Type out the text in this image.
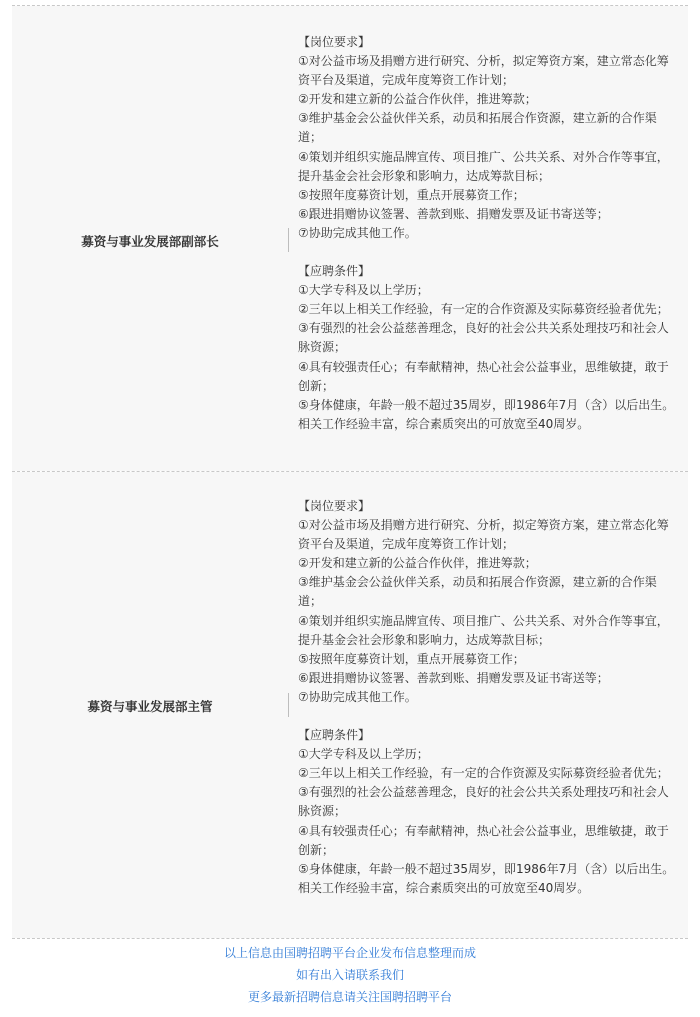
募资与事业发展部副部长

【岗位要求】

①对公益市场及捐赠方进行研究、分析，拟定筹资方案，建立常态化筹资平台及渠道，完成年度筹资工作计划；

②开发和建立新的公益合作伙伴，推进筹款；

③维护基金会公益伙伴关系，动员和拓展合作资源，建立新的合作渠道；

④策划并组织实施品牌宣传、项目推广、公共关系、对外合作等事宜，提升基金会社会形象和影响力，达成筹款目标；

⑤按照年度募资计划，重点开展募资工作；

⑥跟进捐赠协议签署、善款到账、捐赠发票及证书寄送等；

⑦协助完成其他工作。

【应聘条件】

①大学专科及以上学历；

②三年以上相关工作经验，有一定的合作资源及实际募资经验者优先；

③有强烈的社会公益慈善理念，良好的社会公共关系处理技巧和社会人脉资源；

④具有较强责任心；有奉献精神，热心社会公益事业，思维敏捷，敢于创新；

⑤身体健康，年龄一般不超过35周岁，即1986年7月（含）以后出生。相关工作经验丰富，综合素质突出的可放宽至40周岁。

募资与事业发展部主管

【岗位要求】

①对公益市场及捐赠方进行研究、分析，拟定筹资方案，建立常态化筹资平台及渠道，完成年度筹资工作计划；

②开发和建立新的公益合作伙伴，推进筹款；

③维护基金会公益伙伴关系，动员和拓展合作资源，建立新的合作渠道；

④策划并组织实施品牌宣传、项目推广、公共关系、对外合作等事宜，提升基金会社会形象和影响力，达成筹款目标；

⑤按照年度募资计划，重点开展募资工作；

⑥跟进捐赠协议签署、善款到账、捐赠发票及证书寄送等；

⑦协助完成其他工作。

【应聘条件】

①大学专科及以上学历；

②三年以上相关工作经验，有一定的合作资源及实际募资经验者优先；

③有强烈的社会公益慈善理念，良好的社会公共关系处理技巧和社会人脉资源；

④具有较强责任心；有奉献精神，热心社会公益事业，思维敏捷，敢于创新；

⑤身体健康，年龄一般不超过35周岁，即1986年7月（含）以后出生。相关工作经验丰富，综合素质突出的可放宽至40周岁。

以上信息由国聘招聘平台企业发布信息整理而成
如有出入请联系我们
更多最新招聘信息请关注国聘招聘平台
